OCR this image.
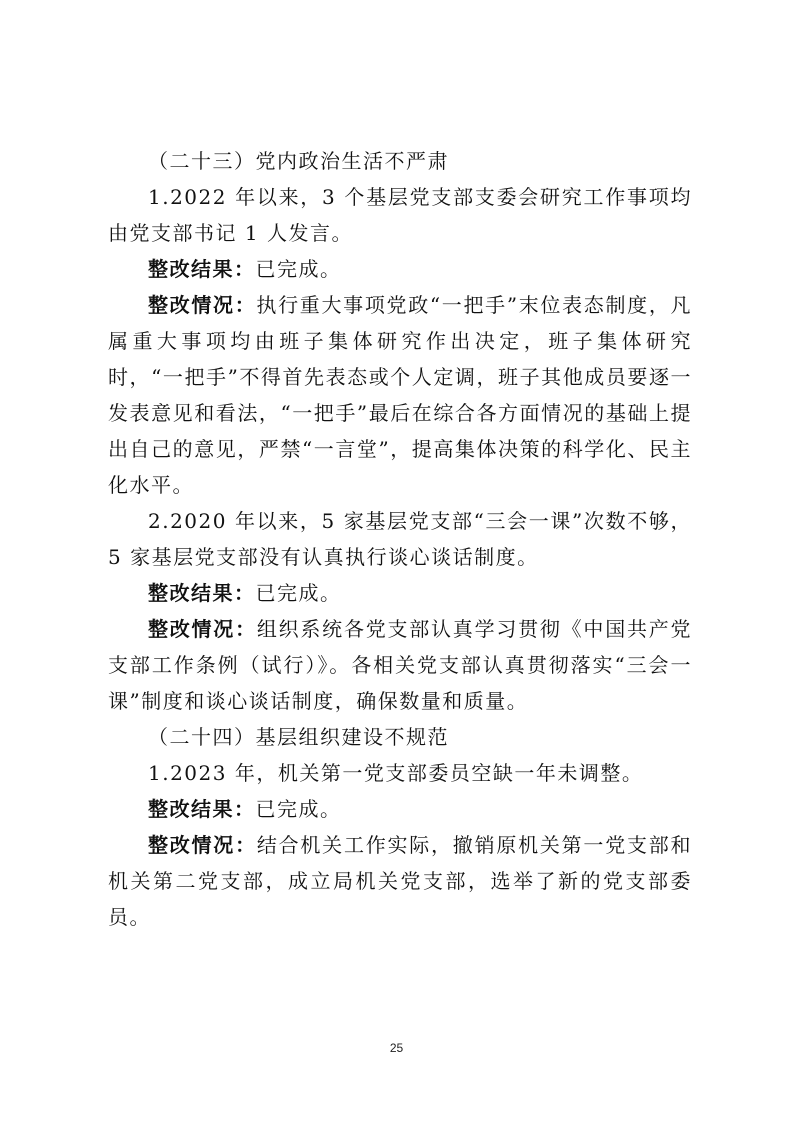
（二十三）党内政治生活不严肃

1.2022 年以来，3 个基层党支部支委会研究工作事项均由党支部书记 1 人发言。

整改结果：已完成。

整改情况：执行重大事项党政“一把手”末位表态制度，凡属重大事项均由班子集体研究作出决定，班子集体研究时，“一把手”不得首先表态或个人定调，班子其他成员要逐一发表意见和看法，“一把手”最后在综合各方面情况的基础上提出自己的意见，严禁“一言堂”，提高集体决策的科学化、民主化水平。

2.2020 年以来，5 家基层党支部“三会一课”次数不够，5 家基层党支部没有认真执行谈心谈话制度。

整改结果：已完成。

整改情况：组织系统各党支部认真学习贯彻《中国共产党支部工作条例（试行）》。各相关党支部认真贯彻落实“三会一课”制度和谈心谈话制度，确保数量和质量。

（二十四）基层组织建设不规范

1.2023 年，机关第一党支部委员空缺一年未调整。

整改结果：已完成。

整改情况：结合机关工作实际，撤销原机关第一党支部和机关第二党支部，成立局机关党支部，选举了新的党支部委员。

25
